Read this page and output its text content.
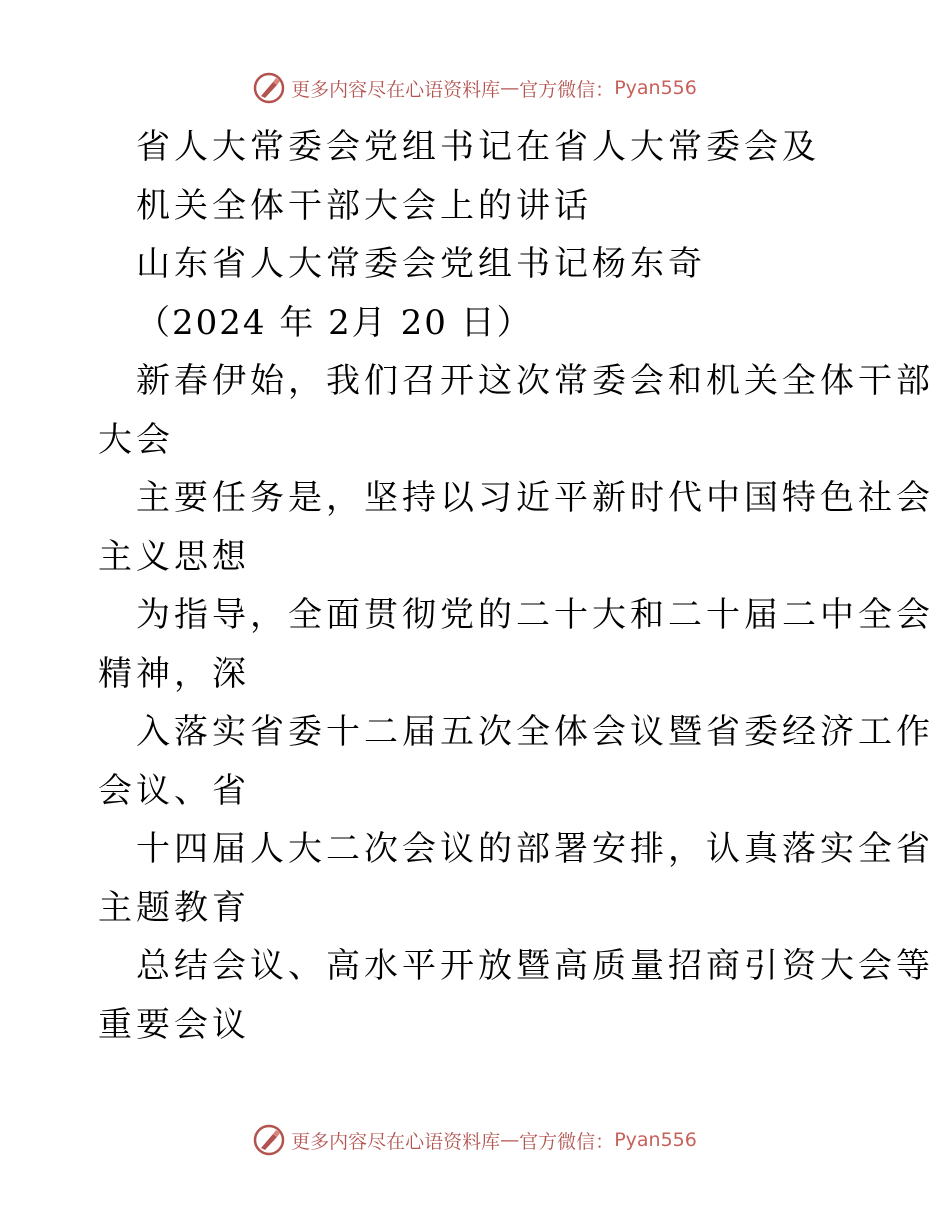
更多内容尽在心语资料库 — 官方微信： Pyan556
省人大常委会党组书记在省人大常委会及
机关全体干部大会上的讲话
山东省人大常委会党组书记杨东奇
（2024 年 2月 20 日）
新春伊始，我们召开这次常委会和机关全体干部
大会
主要任务是，坚持以习近平新时代中国特色社会
主义思想
为指导，全面贯彻党的二十大和二十届二中全会
精神，深
入落实省委十二届五次全体会议暨省委经济工作
会议、省
十四届人大二次会议的部署安排，认真落实全省
主题教育
总结会议、高水平开放暨高质量招商引资大会等
重要会议
更多内容尽在心语资料库 — 官方微信： Pyan556
